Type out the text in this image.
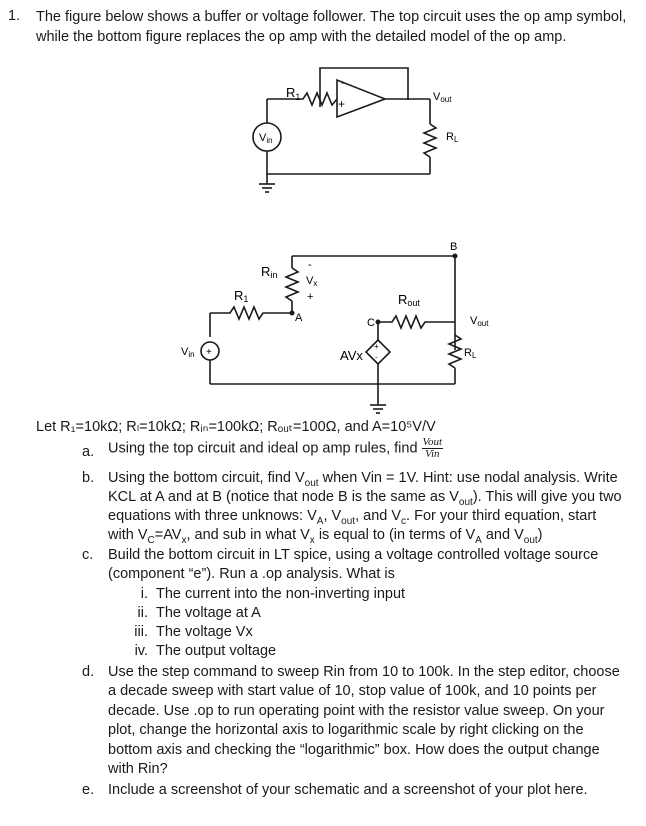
1. The figure below shows a buffer or voltage follower. The top circuit uses the op amp symbol, while the bottom figure replaces the op amp with the detailed model of the op amp.
-
+
$R_1$
Vin
Vout
RL
B
Rin
-
Vx
+
R1
A
Rout
C	Vout
Vin +
+
-
AVx	RL
Let R₁=10kΩ; Rₗ=10kΩ; Rᵢₙ=100kΩ; Rₒᵤₜ=100Ω, and A=10⁵V/V
a. Using the top circuit and ideal op amp rules, find $\frac{\text{Vout}}{\text{Vin}}$
b. Using the bottom circuit, find $V_{out}$ when Vin = 1V. Hint: use nodal analysis. Write
KCL at A and at B (notice that node B is the same as $V_{out}$). This will give you two
equations with three unknows: $V_A$, $V_{out}$, and $V_c$. For your third equation, start
with $V_C=AV_x$, and sub in what $V_x$ is equal to (in terms of $V_A$ and $V_{out}$)
c. Build the bottom circuit in LT spice, using a voltage controlled voltage source
(component “e”). Run a .op analysis. What is
i. The current into the non-inverting input
ii. The voltage at A
iii. The voltage Vx
iv. The output voltage
d. Use the step command to sweep Rin from 10 to 100k. In the step editor, choose
a decade sweep with start value of 10, stop value of 100k, and 10 points per
decade. Use .op to run operating point with the resistor value sweep. On your
plot, change the horizontal axis to logarithmic scale by right clicking on the
bottom axis and checking the “logarithmic” box. How does the output change
with Rin?
e. Include a screenshot of your schematic and a screenshot of your plot here.
